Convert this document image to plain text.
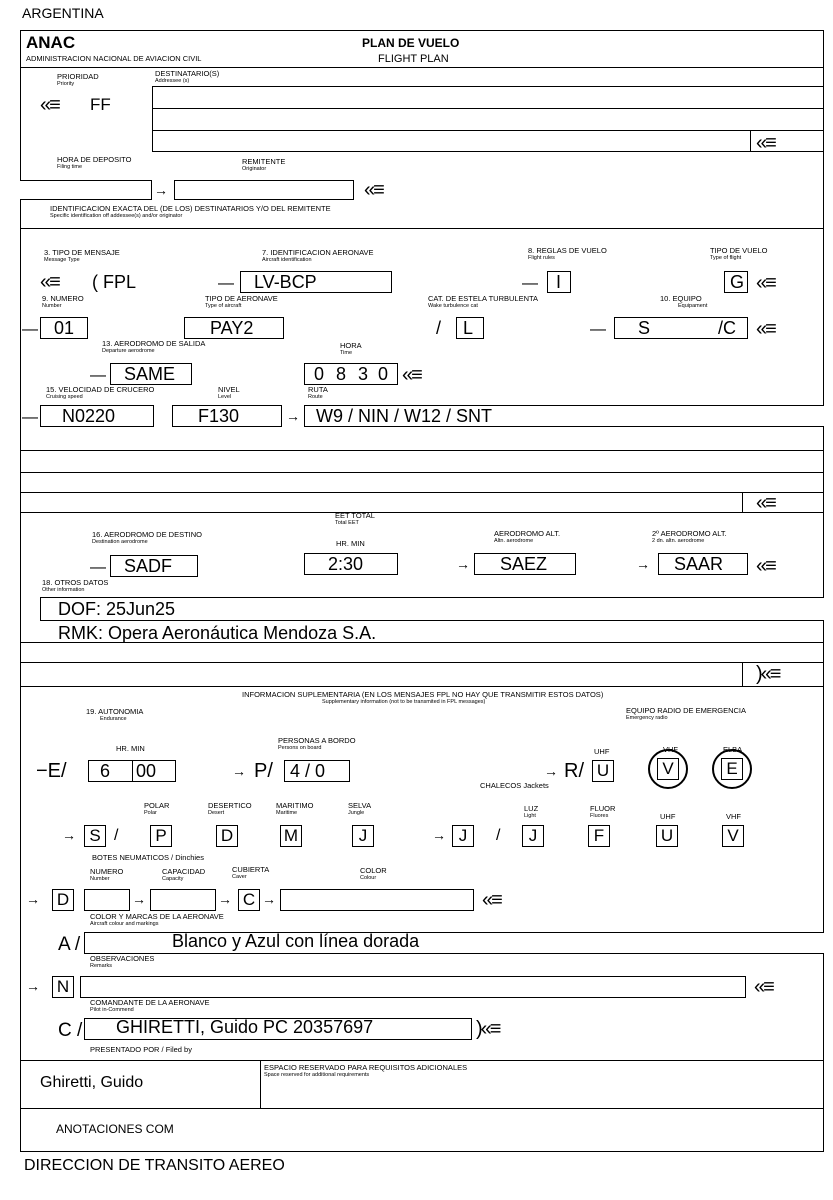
ARGENTINA
ANAC
ADMINISTRACION NACIONAL DE AVIACION CIVIL
PLAN DE VUELO
FLIGHT PLAN
PRIORIDAD
Priority
«≡ FF
DESTINATARIO(S)
Addressee (s)
«≡
HORA DE DEPOSITO
Filing time
→
REMITENTE
Originator
«≡
IDENTIFICACION EXACTA DEL (DE LOS) DESTINATARIOS Y/O DEL REMITENTE
Specific identification off addessee(s) and/or originator
3. TIPO DE MENSAJE
Message Type
«≡ ( FPL
7. IDENTIFICACION AERONAVE
Aircraft identification
— LV-BCP
8. REGLAS DE VUELO
Flight rules
— I
TIPO DE VUELO
Type of flight
G «≡
9. NUMERO
Number
— 01
TIPO DE AERONAVE
Type of aircraft
PAY2
CAT. DE ESTELA TURBULENTA
Wake turbulence cat
/ L
10. EQUIPO
Equipament
— S	/C «≡
13. AERODROMO DE SALIDA
Departure aerodrome
— SAME
HORA
Time
0 8 3 0 «≡
15. VELOCIDAD DE CRUCERO
Cruising speed
NIVEL
Level
RUTA
Route
— N0220	F130	→ W9 / NIN / W12 / SNT
«≡
EET TOTAL
Total EET
16. AERODROMO DE DESTINO
Destination aerodrome	HR. MIN
AERODROMO ALT.
Altn. aerodrome
2º AERODROMO ALT.
2 dn. altn. aerodrome
— SADF	2:30	→ SAEZ	→ SAAR «≡
18. OTROS DATOS
Other information
DOF: 25Jun25
RMK: Opera Aeronáutica Mendoza S.A.
)«≡
INFORMACION SUPLEMENTARIA (EN LOS MENSAJES FPL NO HAY QUE TRANSMITIR ESTOS DATOS)
Supplementary information (not to be transmited in FPL messages)
19. AUTONOMIA
Endurance
EQUIPO RADIO DE EMERGENCIA
Emergency radio
HR. MIN
PERSONAS A BORDO
Persons on board	UHF	VHF	ELBA
−E/ 6 00	→ P/ 4 / 0	→ R/ U	V	E
CHALECOS Jackets
POLAR
Polar
DESERTICO
Desert
MARITIMO
Maritime
SELVA
Jungle	LUZ
Light
FLUOR
Fluores	UHF	VHF
→ S /	P	D	M	J	→ J	/	J	F	U	V
BOTES NEUMATICOS / Dinchies
NUMERO
Number
CAPACIDAD
Capacity
CUBIERTA
Caver
COLOR
Colour
→ D	→	→ C →	«≡
COLOR Y MARCAS DE LA AERONAVE
Aircraft colour and markings
A /	Blanco y Azul con línea dorada
OBSERVACIONES
Remarks
→ N	«≡
COMANDANTE DE LA AERONAVE
Pilot in-Commend
C / GHIRETTI, Guido PC 20357697	)«≡
PRESENTADO POR / Filed by
Ghiretti, Guido
ESPACIO RESERVADO PARA REQUISITOS ADICIONALES
Space reserved for additional requirements
ANOTACIONES COM
DIRECCION DE TRANSITO AEREO
